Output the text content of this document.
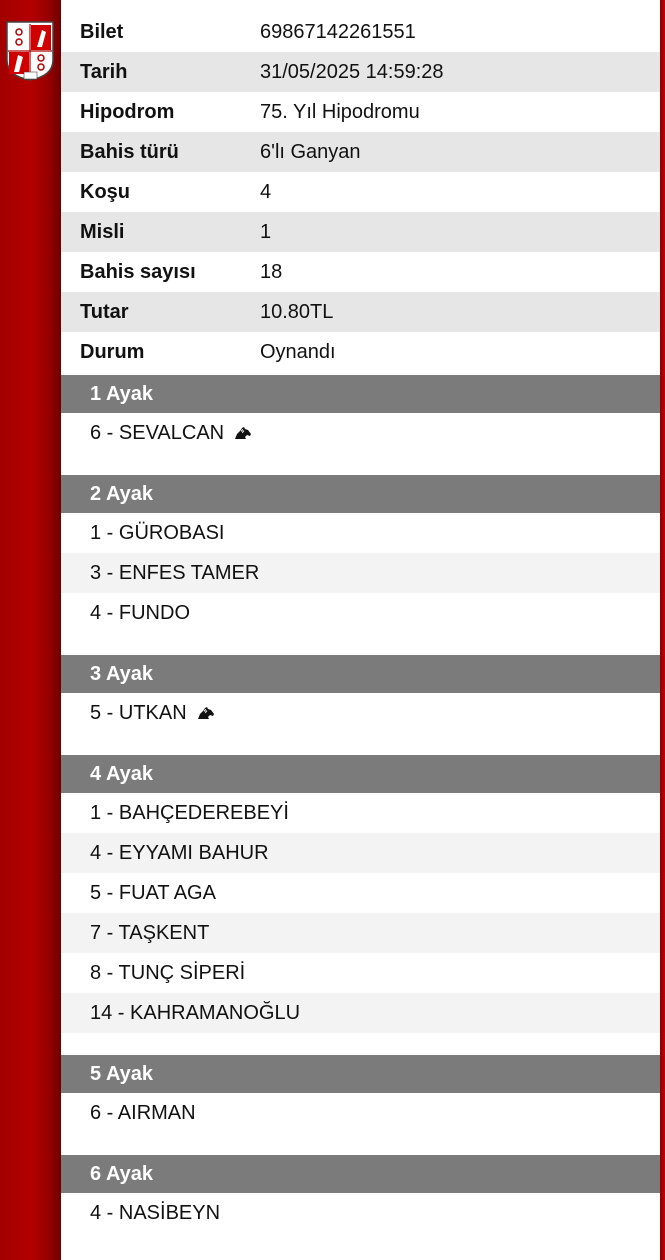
Bilet	69867142261551
Tarih	31/05/2025 14:59:28
Hipodrom	75. Yıl Hipodromu
Bahis türü	6'lı Ganyan
Koşu	4
Misli	1
Bahis sayısı	18
Tutar	10.80TL
Durum	Oynandı
1 Ayak
6 - SEVALCAN
2 Ayak
1 - GÜROBASI
3 - ENFES TAMER
4 - FUNDO
3 Ayak
5 - UTKAN
4 Ayak
1 - BAHÇEDEREBEYİ
4 - EYYAMI BAHUR
5 - FUAT AGA
7 - TAŞKENT
8 - TUNÇ SİPERİ
14 - KAHRAMANOĞLU
5 Ayak
6 - AIRMAN
6 Ayak
4 - NASİBEYN
